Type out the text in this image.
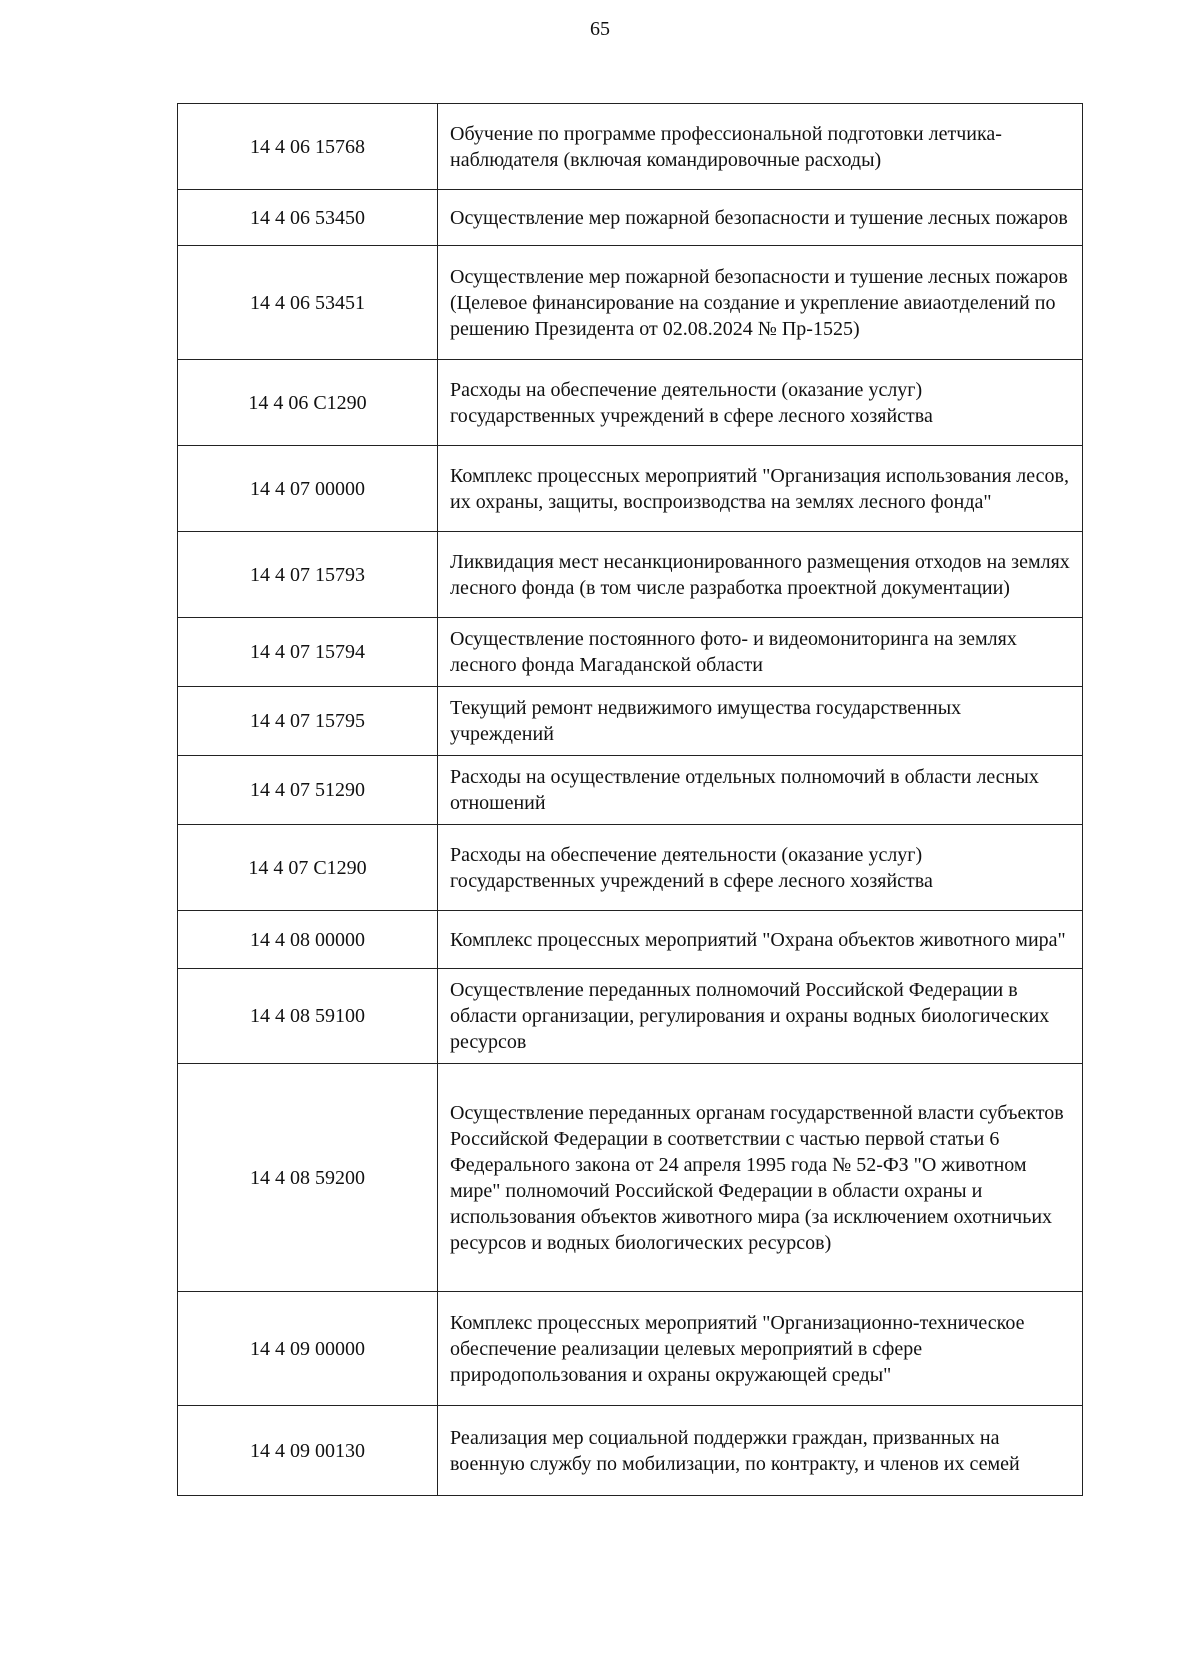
65
14 4 06 15768	Обучение по программе профессиональной подготовки летчика-наблюдателя (включая командировочные расходы)
14 4 06 53450	Осуществление мер пожарной безопасности и тушение лесных пожаров
14 4 06 53451	Осуществление мер пожарной безопасности и тушение лесных пожаров (Целевое финансирование на создание и укрепление авиаотделений по решению Президента от 02.08.2024 № Пр-1525)
14 4 06 C1290	Расходы на обеспечение деятельности (оказание услуг) государственных учреждений в сфере лесного хозяйства
14 4 07 00000	Комплекс процессных мероприятий "Организация использования лесов, их охраны, защиты, воспроизводства на землях лесного фонда"
14 4 07 15793	Ликвидация мест несанкционированного размещения отходов на землях лесного фонда (в том числе разработка проектной документации)
14 4 07 15794	Осуществление постоянного фото- и видеомониторинга на землях лесного фонда Магаданской области
14 4 07 15795	Текущий ремонт недвижимого имущества государственных учреждений
14 4 07 51290	Расходы на осуществление отдельных полномочий в области лесных отношений
14 4 07 C1290	Расходы на обеспечение деятельности (оказание услуг) государственных учреждений в сфере лесного хозяйства
14 4 08 00000	Комплекс процессных мероприятий "Охрана объектов животного мира"
14 4 08 59100	Осуществление переданных полномочий Российской Федерации в области организации, регулирования и охраны водных биологических ресурсов
14 4 08 59200	Осуществление переданных органам государственной власти субъектов Российской Федерации в соответствии с частью первой статьи 6 Федерального закона от 24 апреля 1995 года № 52-ФЗ "О животном мире" полномочий Российской Федерации в области охраны и использования объектов животного мира (за исключением охотничьих ресурсов и водных биологических ресурсов)
14 4 09 00000	Комплекс процессных мероприятий "Организационно-техническое обеспечение реализации целевых мероприятий в сфере природопользования и охраны окружающей среды"
14 4 09 00130	Реализация мер социальной поддержки граждан, призванных на военную службу по мобилизации, по контракту, и членов их семей
